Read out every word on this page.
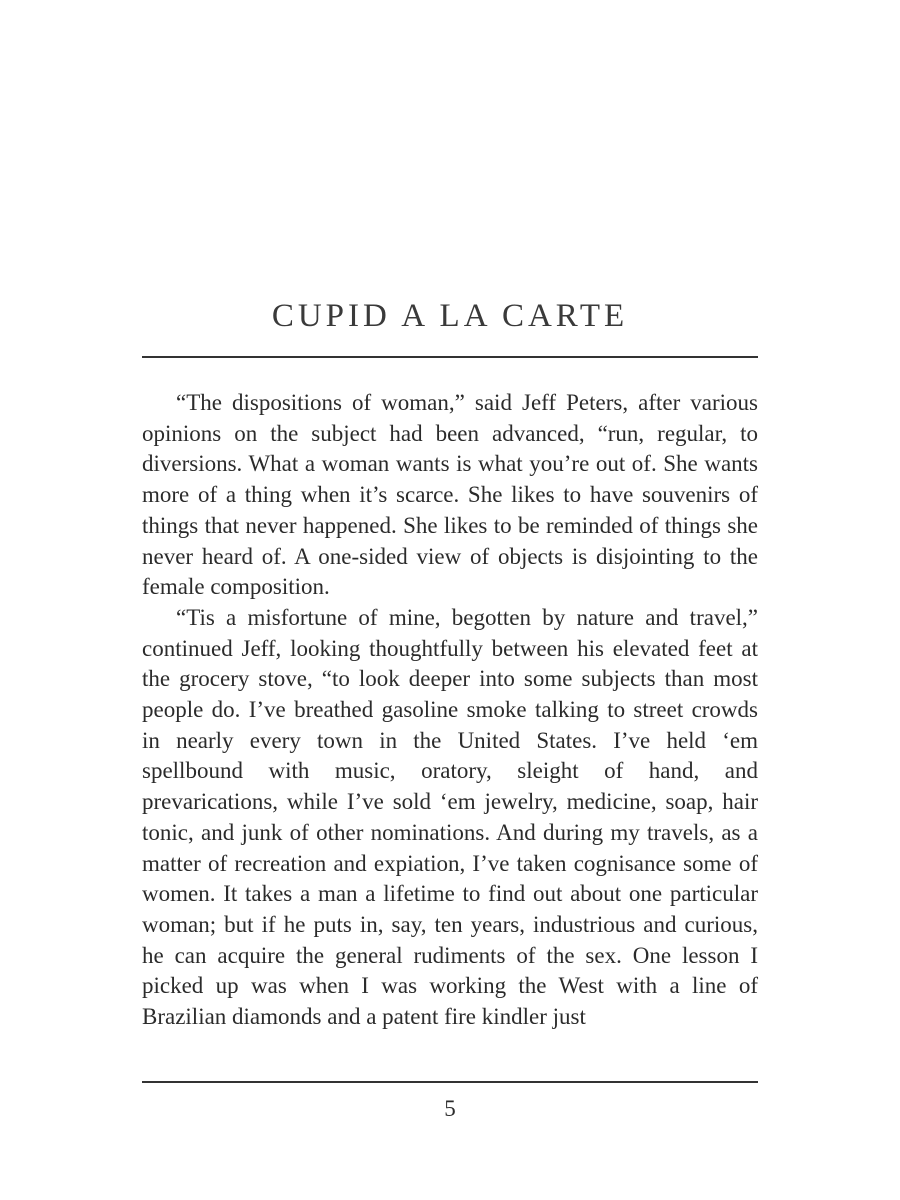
CUPID A LA CARTE

“The dispositions of woman,” said Jeff Peters, after various opinions on the subject had been advanced, “run, regular, to diversions. What a woman wants is what you’re out of. She wants more of a thing when it’s scarce. She likes to have souvenirs of things that never happened. She likes to be reminded of things she never heard of. A one-sided view of objects is disjointing to the female composition.

“Tis a misfortune of mine, begotten by nature and travel,” continued Jeff, looking thoughtfully between his elevated feet at the grocery stove, “to look deeper into some subjects than most people do. I’ve breathed gasoline smoke talking to street crowds in nearly every town in the United States. I’ve held ‘em spellbound with music, oratory, sleight of hand, and prevarications, while I’ve sold ‘em jewelry, medicine, soap, hair tonic, and junk of other nominations. And during my travels, as a matter of recreation and expiation, I’ve taken cognisance some of women. It takes a man a lifetime to find out about one particular woman; but if he puts in, say, ten years, industrious and curious, he can acquire the general rudiments of the sex. One lesson I picked up was when I was working the West with a line of Brazilian diamonds and a patent fire kindler just

5
